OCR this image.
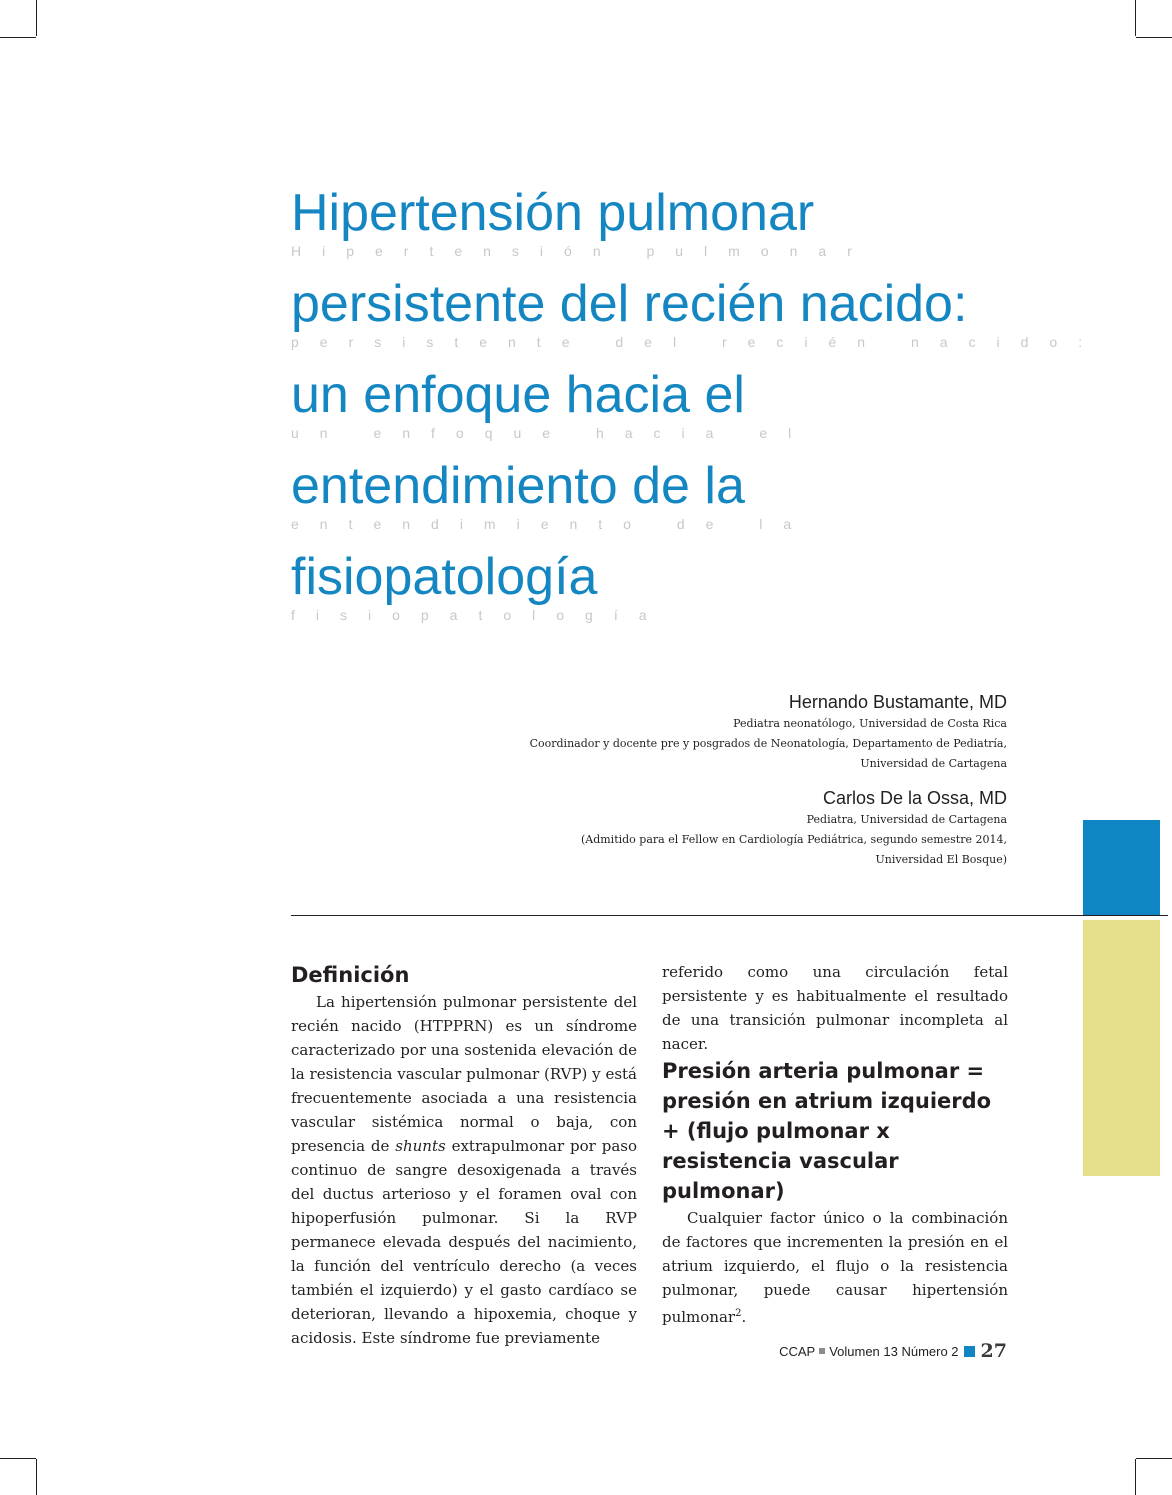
Hipertensión pulmonar
Hipertensión pulmonar
persistente del recién nacido:
persistente del recién nacido:
un enfoque hacia el
un enfoque hacia el
entendimiento de la
entendimiento de la
fisiopatología
fisiopatología
Hernando Bustamante, MD
Pediatra neonatólogo, Universidad de Costa Rica
Coordinador y docente pre y posgrados de Neonatología, Departamento de Pediatría,
Universidad de Cartagena
Carlos De la Ossa, MD
Pediatra, Universidad de Cartagena
(Admitido para el Fellow en Cardiología Pediátrica, segundo semestre 2014,
Universidad El Bosque)
Definición

La hipertensión pulmonar persistente del recién nacido (HTPPRN) es un síndrome caracterizado por una sostenida elevación de la resistencia vascular pulmonar (RVP) y está frecuentemente asociada a una resistencia vascular sistémica normal o baja, con presencia de shunts extrapulmonar por paso continuo de sangre desoxigenada a través del ductus arterioso y el foramen oval con hipoperfusión pulmonar. Si la RVP permanece elevada después del nacimiento, la función del ventrículo derecho (a veces también el izquierdo) y el gasto cardíaco se deterioran, llevando a hipoxemia, choque y acidosis. Este síndrome fue previamente

referido como una circulación fetal persistente y es habitualmente el resultado de una transición pulmonar incompleta al nacer.

Presión arteria pulmonar = presión en atrium izquierdo + (flujo pulmonar x resistencia vascular pulmonar)

Cualquier factor único o la combinación de factores que incrementen la presión en el atrium izquierdo, el flujo o la resistencia pulmonar, puede causar hipertensión pulmonar$^2$.

CCAP Volumen 13 Número 2 27
